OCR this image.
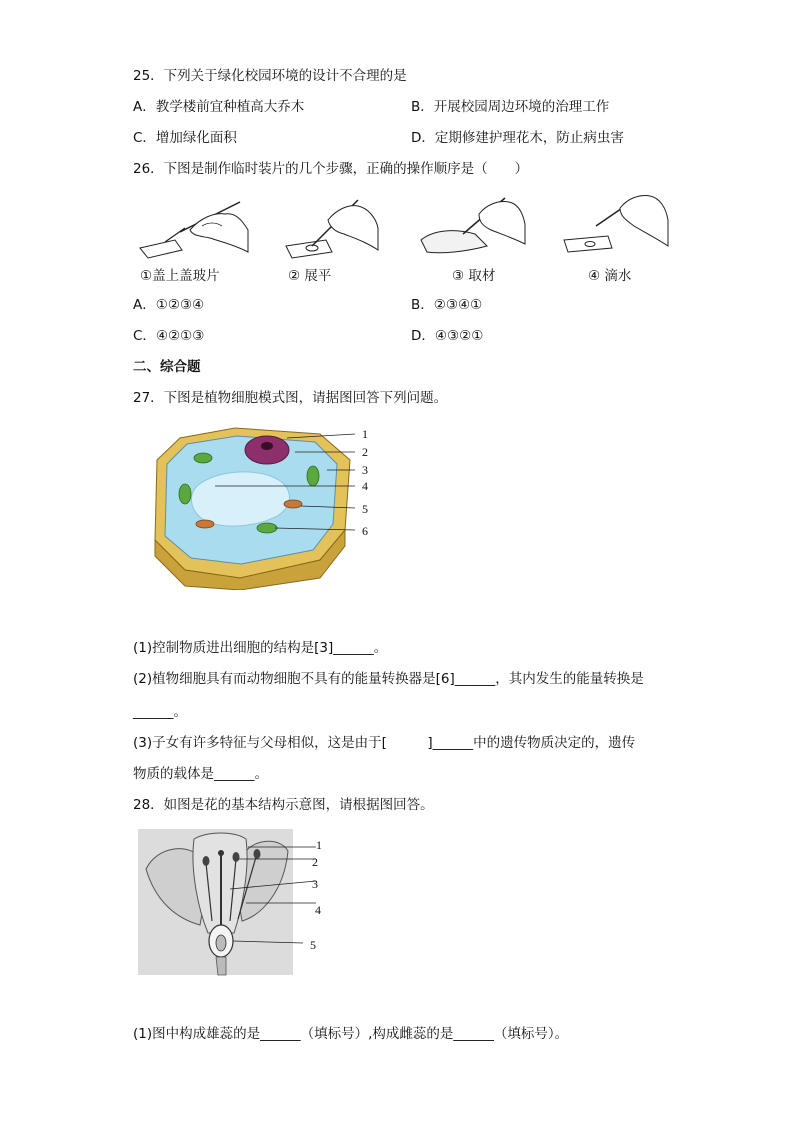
25．下列关于绿化校园环境的设计不合理的是
A．教学楼前宜种植高大乔木	B．开展校园周边环境的治理工作
C．增加绿化面积	D．定期修建护理花木，防止病虫害
26．下图是制作临时装片的几个步骤，正确的操作顺序是（　　）
①盖上盖玻片	② 展平	③ 取材	④ 滴水
A．①②③④	B．②③④①
C．④②①③	D．④③②①
二、综合题
27．下图是植物细胞模式图，请据图回答下列问题。
1
2
3
4
5
6
(1)控制物质进出细胞的结构是[3]______。
(2)植物细胞具有而动物细胞不具有的能量转换器是[6]______，其内发生的能量转换是
______。
(3)子女有许多特征与父母相似，这是由于[　　　]______中的遗传物质决定的，遗传
物质的载体是______。
28．如图是花的基本结构示意图，请根据图回答。
1
2
3
4
5
(1)图中构成雄蕊的是______（填标号）,构成雌蕊的是______（填标号）。
